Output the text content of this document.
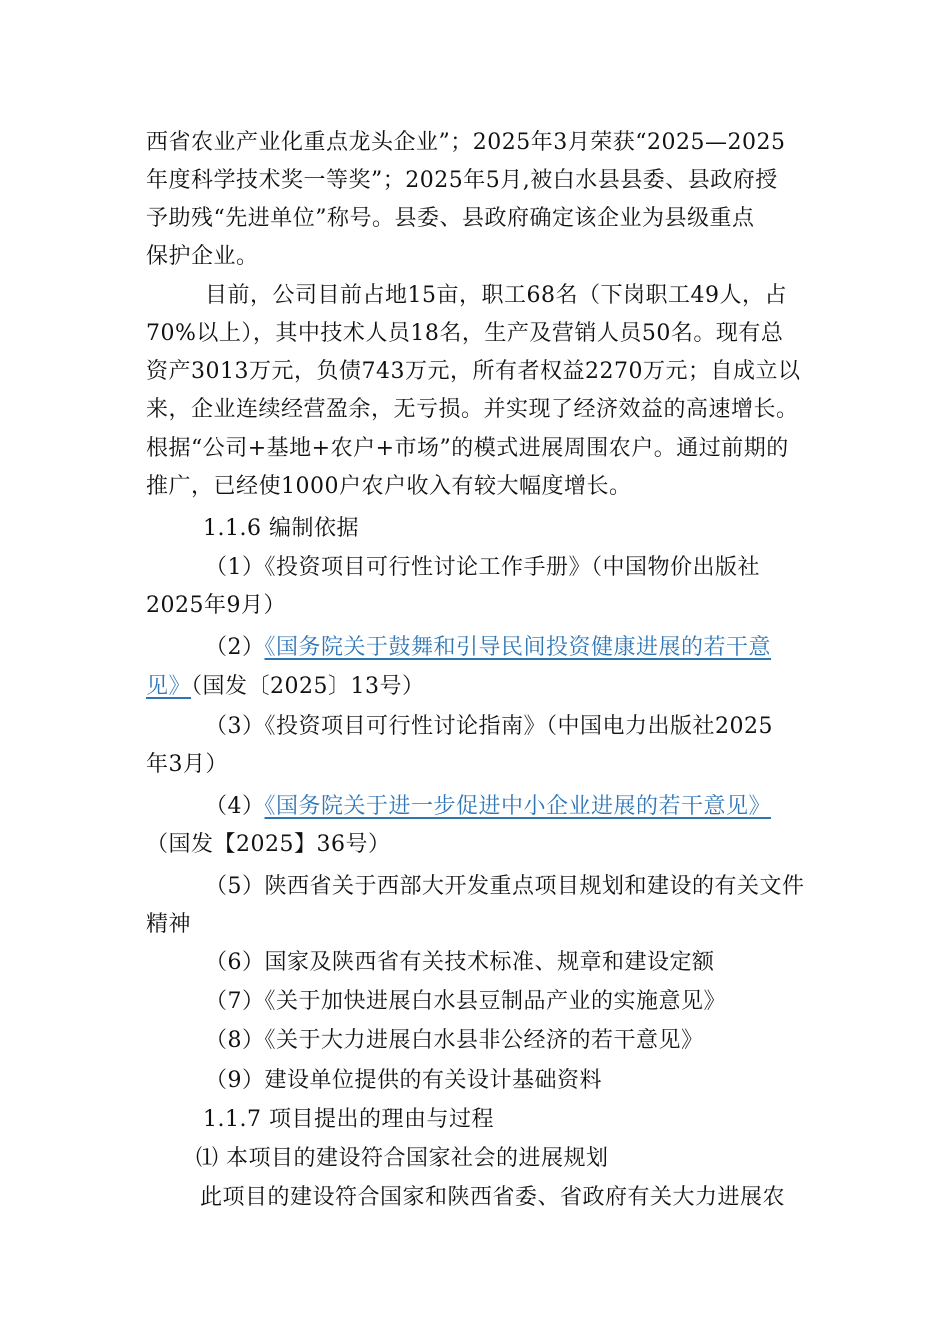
西省农业产业化重点龙头企业”；2025年3月荣获“2025—2025
年度科学技术奖一等奖”；2025年5月,被白水县县委、县政府授
予助残“先进单位”称号。县委、县政府确定该企业为县级重点
保护企业。
目前，公司目前占地15亩，职工68名（下岗职工49人，占
70%以上），其中技术人员18名，生产及营销人员50名。现有总
资产3013万元，负债743万元，所有者权益2270万元；自成立以
来，企业连续经营盈余，无亏损。并实现了经济效益的高速增长。
根据“公司+基地+农户+市场”的模式进展周围农户。通过前期的
推广，已经使1000户农户收入有较大幅度增长。
1.1.6 编制依据
（1）《投资项目可行性讨论工作手册》（中国物价出版社
2025年9月）
（2）《国务院关于鼓舞和引导民间投资健康进展的若干意
见》（国发〔2025〕13号）
（3）《投资项目可行性讨论指南》（中国电力出版社2025
年3月）
（4）《国务院关于进一步促进中小企业进展的若干意见》
（国发【2025】36号）
（5）陕西省关于西部大开发重点项目规划和建设的有关文件
精神
（6）国家及陕西省有关技术标准、规章和建设定额
（7）《关于加快进展白水县豆制品产业的实施意见》
（8）《关于大力进展白水县非公经济的若干意见》
（9）建设单位提供的有关设计基础资料
1.1.7 项目提出的理由与过程
⑴ 本项目的建设符合国家社会的进展规划
此项目的建设符合国家和陕西省委、省政府有关大力进展农
